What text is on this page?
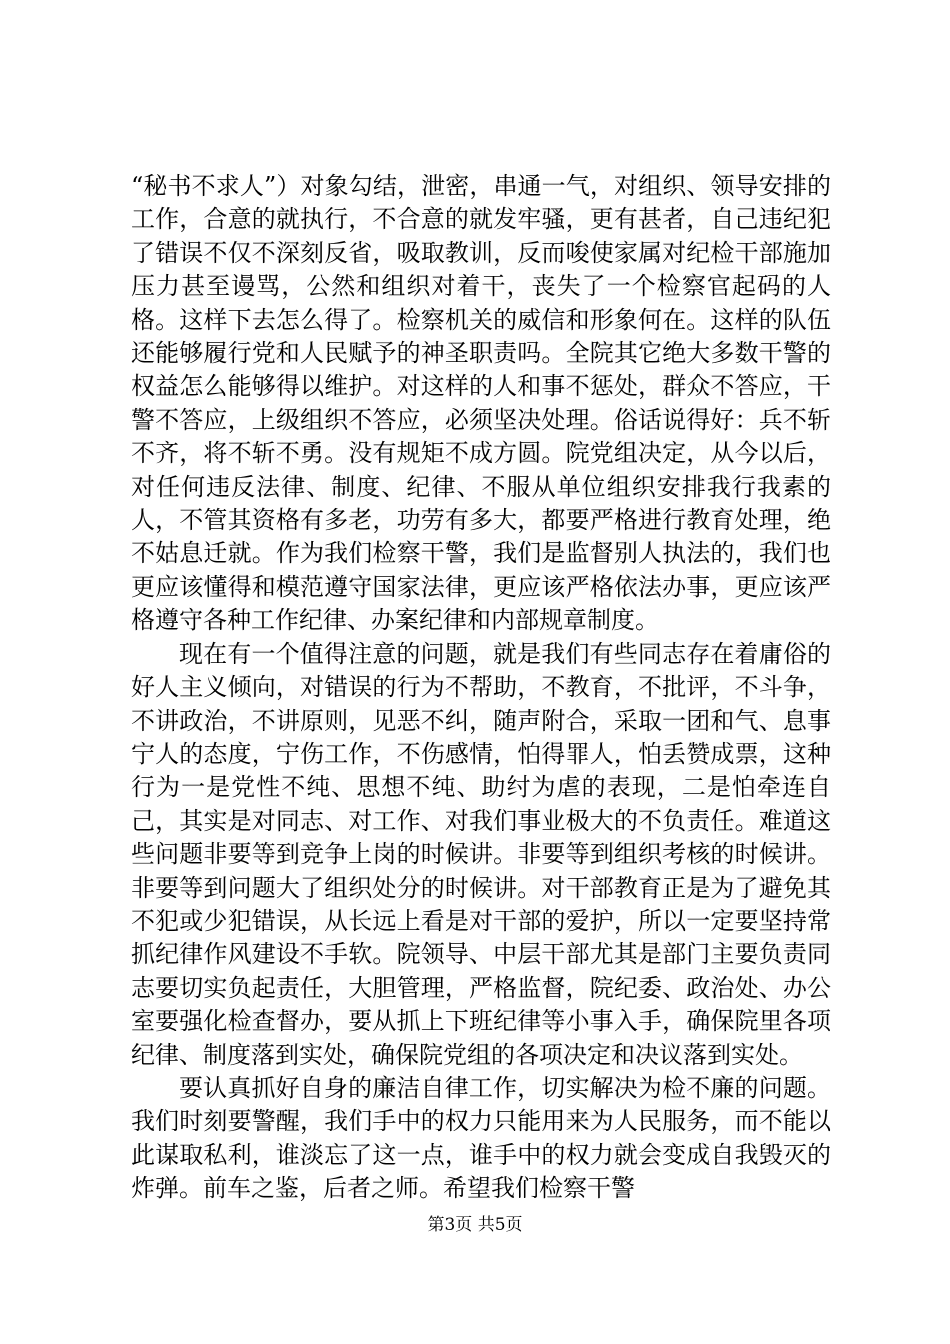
“秘书不求人”）对象勾结，泄密，串通一气，对组织、领导安排的工作，合意的就执行，不合意的就发牢骚，更有甚者，自己违纪犯了错误不仅不深刻反省，吸取教训，反而唆使家属对纪检干部施加压力甚至谩骂，公然和组织对着干，丧失了一个检察官起码的人格。这样下去怎么得了。检察机关的威信和形象何在。这样的队伍还能够履行党和人民赋予的神圣职责吗。全院其它绝大多数干警的权益怎么能够得以维护。对这样的人和事不惩处，群众不答应，干警不答应，上级组织不答应，必须坚决处理。俗话说得好：兵不斩不齐，将不斩不勇。没有规矩不成方圆。院党组决定，从今以后，对任何违反法律、制度、纪律、不服从单位组织安排我行我素的人，不管其资格有多老，功劳有多大，都要严格进行教育处理，绝不姑息迁就。作为我们检察干警，我们是监督别人执法的，我们也更应该懂得和模范遵守国家法律，更应该严格依法办事，更应该严格遵守各种工作纪律、办案纪律和内部规章制度。

现在有一个值得注意的问题，就是我们有些同志存在着庸俗的好人主义倾向，对错误的行为不帮助，不教育，不批评，不斗争，不讲政治，不讲原则，见恶不纠，随声附合，采取一团和气、息事宁人的态度，宁伤工作，不伤感情，怕得罪人，怕丢赞成票，这种行为一是党性不纯、思想不纯、助纣为虐的表现，二是怕牵连自己，其实是对同志、对工作、对我们事业极大的不负责任。难道这些问题非要等到竞争上岗的时候讲。非要等到组织考核的时候讲。非要等到问题大了组织处分的时候讲。对干部教育正是为了避免其不犯或少犯错误，从长远上看是对干部的爱护，所以一定要坚持常抓纪律作风建设不手软。院领导、中层干部尤其是部门主要负责同志要切实负起责任，大胆管理，严格监督，院纪委、政治处、办公室要强化检查督办，要从抓上下班纪律等小事入手，确保院里各项纪律、制度落到实处，确保院党组的各项决定和决议落到实处。

要认真抓好自身的廉洁自律工作，切实解决为检不廉的问题。我们时刻要警醒，我们手中的权力只能用来为人民服务，而不能以此谋取私利，谁淡忘了这一点，谁手中的权力就会变成自我毁灭的炸弹。前车之鉴，后者之师。希望我们检察干警

第3页 共5页
